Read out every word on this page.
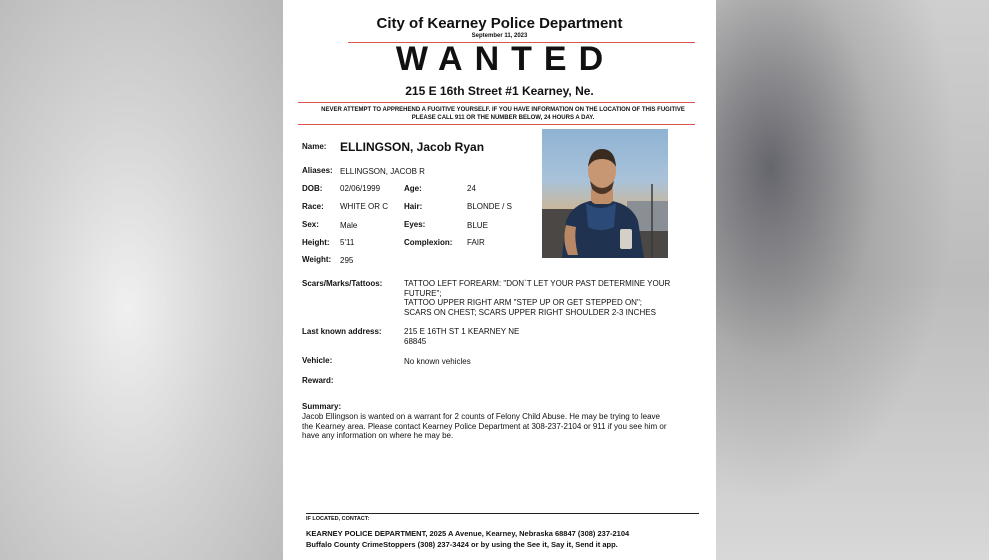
City of Kearney Police Department
September 11, 2023
WANTED
215 E 16th Street #1 Kearney, Ne.
NEVER ATTEMPT TO APPREHEND A FUGITIVE YOURSELF. IF YOU HAVE INFORMATION ON THE LOCATION OF THIS FUGITIVE PLEASE CALL 911 OR THE NUMBER BELOW, 24 HOURS A DAY.
Name: ELLINGSON, Jacob Ryan
Aliases: ELLINGSON, JACOB R
DOB: 02/06/1999	Age:	24
Race: WHITE OR C Hair:	BLONDE / S
Sex:	Male	Eyes:	BLUE
Height: 5'11	Complexion: FAIR
Weight: 295
Scars/Marks/Tattoos:	TATTOO LEFT FOREARM: "DON`T LET YOUR PAST DETERMINE YOUR
FUTURE";
TATTOO UPPER RIGHT ARM "STEP UP OR GET STEPPED ON";
SCARS ON CHEST; SCARS UPPER RIGHT SHOULDER 2-3 INCHES
Last known address:	215 E 16TH ST 1 KEARNEY NE
68845
Vehicle:	No known vehicles
Reward:
Summary:
Jacob Ellingson is wanted on a warrant for 2 counts of Felony Child Abuse. He may be trying to leave
the Kearney area. Please contact Kearney Police Department at 308-237-2104 or 911 if you see him or
have any information on where he may be.
IF LOCATED, CONTACT:
KEARNEY POLICE DEPARTMENT, 2025 A Avenue, Kearney, Nebraska 68847 (308) 237-2104
Buffalo County CrimeStoppers (308) 237-3424 or by using the See it, Say it, Send it app.
